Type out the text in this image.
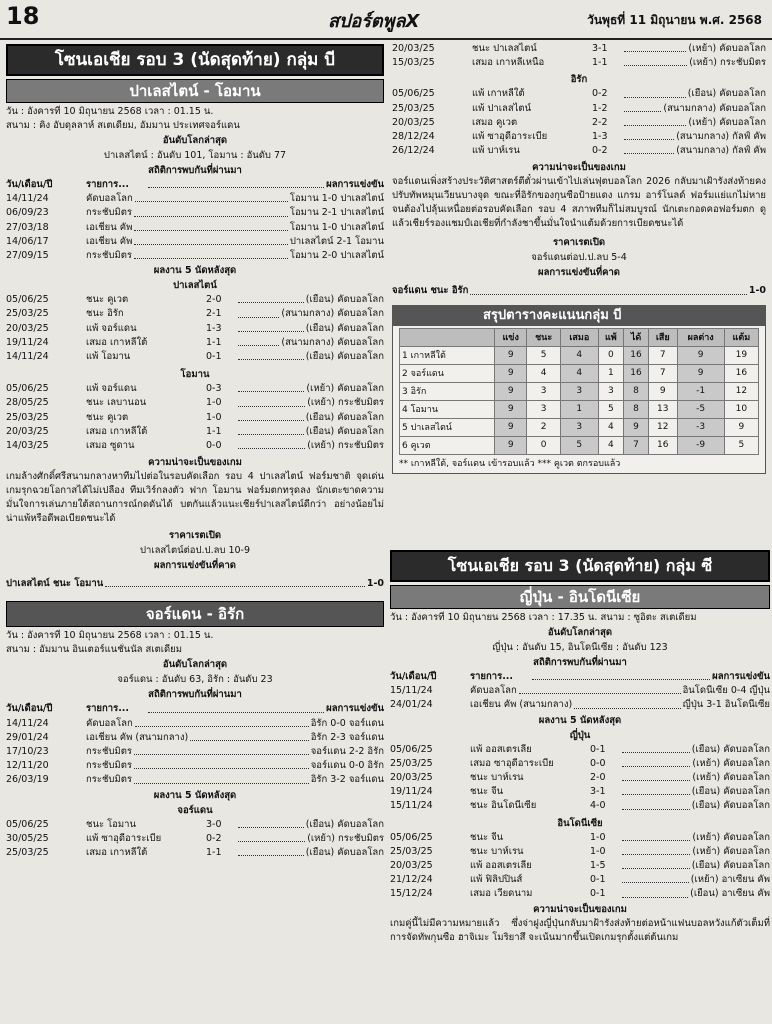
18	สปอร์ตพูลX	วันพุธที่ 11 มิถุนายน พ.ศ. 2568
โซนเอเชีย รอบ 3 (นัดสุดท้าย) กลุ่ม บี
ปาเลสไตน์ - โอมาน
วัน : อังคารที่ 10 มิถุนายน 2568 เวลา : 01.15 น.
สนาม : คิง อับดุลลาห์ สเตเดียม, อัมมาน ประเทศจอร์แดน
อันดับโลกล่าสุด
ปาเลสไตน์ : อันดับ 101, โอมาน : อันดับ 77
สถิติการพบกันที่ผ่านมา
วัน/เดือน/ปี	รายการ...	ผลการแข่งขัน
14/11/24	คัดบอลโลก	โอมาน 1-0 ปาเลสไตน์
06/09/23	กระชับมิตร	โอมาน 2-1 ปาเลสไตน์
27/03/18	เอเชี่ยน คัพ	โอมาน 1-0 ปาเลสไตน์
14/06/17	เอเชี่ยน คัพ	ปาเลสไตน์ 2-1 โอมาน
27/09/15	กระชับมิตร	โอมาน 2-0 ปาเลสไตน์
ผลงาน 5 นัดหลังสุด
ปาเลสไตน์
05/06/25	ชนะ คูเวต	2-0	(เยือน) คัดบอลโลก
25/03/25	ชนะ อิรัก	2-1	(สนามกลาง) คัดบอลโลก
20/03/25	แพ้ จอร์แดน	1-3	(เยือน) คัดบอลโลก
19/11/24	เสมอ เกาหลีใต้	1-1	(สนามกลาง) คัดบอลโลก
14/11/24	แพ้ โอมาน	0-1	(เยือน) คัดบอลโลก
โอมาน
05/06/25	แพ้ จอร์แดน	0-3	(เหย้า) คัดบอลโลก
28/05/25	ชนะ เลบานอน	1-0	(เหย้า) กระชับมิตร
25/03/25	ชนะ คูเวต	1-0	(เยือน) คัดบอลโลก
20/03/25	เสมอ เกาหลีใต้	1-1	(เยือน) คัดบอลโลก
14/03/25	เสมอ ซูดาน	0-0	(เหย้า) กระชับมิตร
ความน่าจะเป็นของเกม
เกมล้างศักดิ์ศรีสนามกลางหาทีมไปต่อในรอบคัดเลือก รอบ 4 ปาเลสไตน์ ฟอร์มชาติ จุดเด่นเกมรุกฉวยโอกาสได้ไม่เปลือง ทีมเวิร์กลงตัว ฟาก โอมาน ฟอร์มตกทรุดลง นักเตะขาดความมั่นใจการเล่นภายใต้สถานการณ์กดดันได้ บตกันแล้วแนะเชียร์ปาเลสไตน์ดีกว่า อย่างน้อยไม่น่าแพ้หรือดีพอเบียดชนะได้
ราคาเรตเปิด
ปาเลสไตน์ต่อป.ป.ลบ 10-9
ผลการแข่งขันที่คาด
ปาเลสไตน์ ชนะ โอมาน	1-0
จอร์แดน - อิรัก
วัน : อังคารที่ 10 มิถุนายน 2568 เวลา : 01.15 น.
สนาม : อัมมาน อินเตอร์แนชั่นนัล สเตเดียม
อันดับโลกล่าสุด
จอร์แดน : อันดับ 63, อิรัก : อันดับ 23
สถิติการพบกันที่ผ่านมา
วัน/เดือน/ปี	รายการ...	ผลการแข่งขัน
14/11/24	คัดบอลโลก	อิรัก 0-0 จอร์แดน
29/01/24	เอเชี่ยน คัพ (สนามกลาง)	อิรัก 2-3 จอร์แดน
17/10/23	กระชับมิตร	จอร์แดน 2-2 อิรัก
12/11/20	กระชับมิตร	จอร์แดน 0-0 อิรัก
26/03/19	กระชับมิตร	อิรัก 3-2 จอร์แดน
ผลงาน 5 นัดหลังสุด
จอร์แดน
05/06/25	ชนะ โอมาน	3-0	(เยือน) คัดบอลโลก
30/05/25	แพ้ ซาอุดีอาระเบีย	0-2	(เหย้า) กระชับมิตร
25/03/25	เสมอ เกาหลีใต้	1-1	(เยือน) คัดบอลโลก
20/03/25	ชนะ ปาเลสไตน์	3-1	(เหย้า) คัดบอลโลก
15/03/25	เสมอ เกาหลีเหนือ	1-1	(เหย้า) กระชับมิตร
อิรัก
05/06/25	แพ้ เกาหลีใต้	0-2	(เยือน) คัดบอลโลก
25/03/25	แพ้ ปาเลสไตน์	1-2	(สนามกลาง) คัดบอลโลก
20/03/25	เสมอ คูเวต	2-2	(เหย้า) คัดบอลโลก
28/12/24	แพ้ ซาอุดีอาระเบีย	1-3	(สนามกลาง) กัลฟ์ คัพ
26/12/24	แพ้ บาห์เรน	0-2	(สนามกลาง) กัลฟ์ คัพ
ความน่าจะเป็นของเกม
จอร์แดนเพิ่งสร้างประวัติศาสตร์ตีตั๋วผ่านเข้าไปเล่นฟุตบอลโลก 2026 กลับมาเฝ้ารังส่งท้ายคงปรับทัพหมุนเวียนบางจุด ขณะที่อิรักของกุนซือป้ายแดง แกรม อาร์โนลด์ ฟอร์มแย่แกไม่หายจนต้องไปลุ้นเหนื่อยต่อรอบคัดเลือก รอบ 4 สภาพทีมก็ไม่สมบูรณ์ นักเตะกอดคอฟอร์มตก ดูแล้วเชียร์รองแชมป์เอเชียที่กำลังชาขึ้นมั่นใจนำแต้มด้วยการเบียดชนะได้
ราคาเรตเปิด
จอร์แดนต่อป.ป.ลบ 5-4
ผลการแข่งขันที่คาด
จอร์แดน ชนะ อิรัก	1-0
สรุปตารางคะแนนกลุ่ม บี
	แข่ง	ชนะ	เสมอ	แพ้	ได้	เสีย	ผลต่าง	แต้ม
1 เกาหลีใต้	9	5	4	0	16	7	9	19
2 จอร์แดน	9	4	4	1	16	7	9	16
3 อิรัก	9	3	3	3	8	9	-1	12
4 โอมาน	9	3	1	5	8	13	-5	10
5 ปาเลสไตน์	9	2	3	4	9	12	-3	9
6 คูเวต	9	0	5	4	7	16	-9	5
** เกาหลีใต้, จอร์แดน เข้ารอบแล้ว *** คูเวต ตกรอบแล้ว
โซนเอเชีย รอบ 3 (นัดสุดท้าย) กลุ่ม ซี
ญี่ปุ่น - อินโดนีเซีย
วัน : อังคารที่ 10 มิถุนายน 2568 เวลา : 17.35 น. สนาม : ซูอิตะ สเตเดียม
อันดับโลกล่าสุด
ญี่ปุ่น : อันดับ 15, อินโดนีเซีย : อันดับ 123
สถิติการพบกันที่ผ่านมา
วัน/เดือน/ปี	รายการ...	ผลการแข่งขัน
15/11/24	คัดบอลโลก	อินโดนีเซีย 0-4 ญี่ปุ่น
24/01/24	เอเชี่ยน คัพ (สนามกลาง)	ญี่ปุ่น 3-1 อินโดนีเซีย
ผลงาน 5 นัดหลังสุด
ญี่ปุ่น
05/06/25	แพ้ ออสเตรเลีย	0-1	(เยือน) คัดบอลโลก
25/03/25	เสมอ ซาอุดีอาระเบีย	0-0	(เหย้า) คัดบอลโลก
20/03/25	ชนะ บาห์เรน	2-0	(เหย้า) คัดบอลโลก
19/11/24	ชนะ จีน	3-1	(เยือน) คัดบอลโลก
15/11/24	ชนะ อินโดนีเซีย	4-0	(เยือน) คัดบอลโลก
อินโดนีเซีย
05/06/25	ชนะ จีน	1-0	(เหย้า) คัดบอลโลก
25/03/25	ชนะ บาห์เรน	1-0	(เหย้า) คัดบอลโลก
20/03/25	แพ้ ออสเตรเลีย	1-5	(เยือน) คัดบอลโลก
21/12/24	แพ้ ฟิลิปปินส์	0-1	(เหย้า) อาเซียน คัพ
15/12/24	เสมอ เวียดนาม	0-1	(เยือน) อาเซียน คัพ
ความน่าจะเป็นของเกม
เกมคู่นี้ไม่มีความหมายแล้ว ซึ่งจ่าฝูงญี่ปุ่นกลับมาฝ้ารังส่งท้ายต่อหน้าแฟนบอลหวังแก้ตัวเต็มที่ การจัดทัพกุนซือ ฮาจิเมะ โมริยาสึ จะเน้นมากขึ้นเปิดเกมรุกตั้งแต่ต้นเกม
